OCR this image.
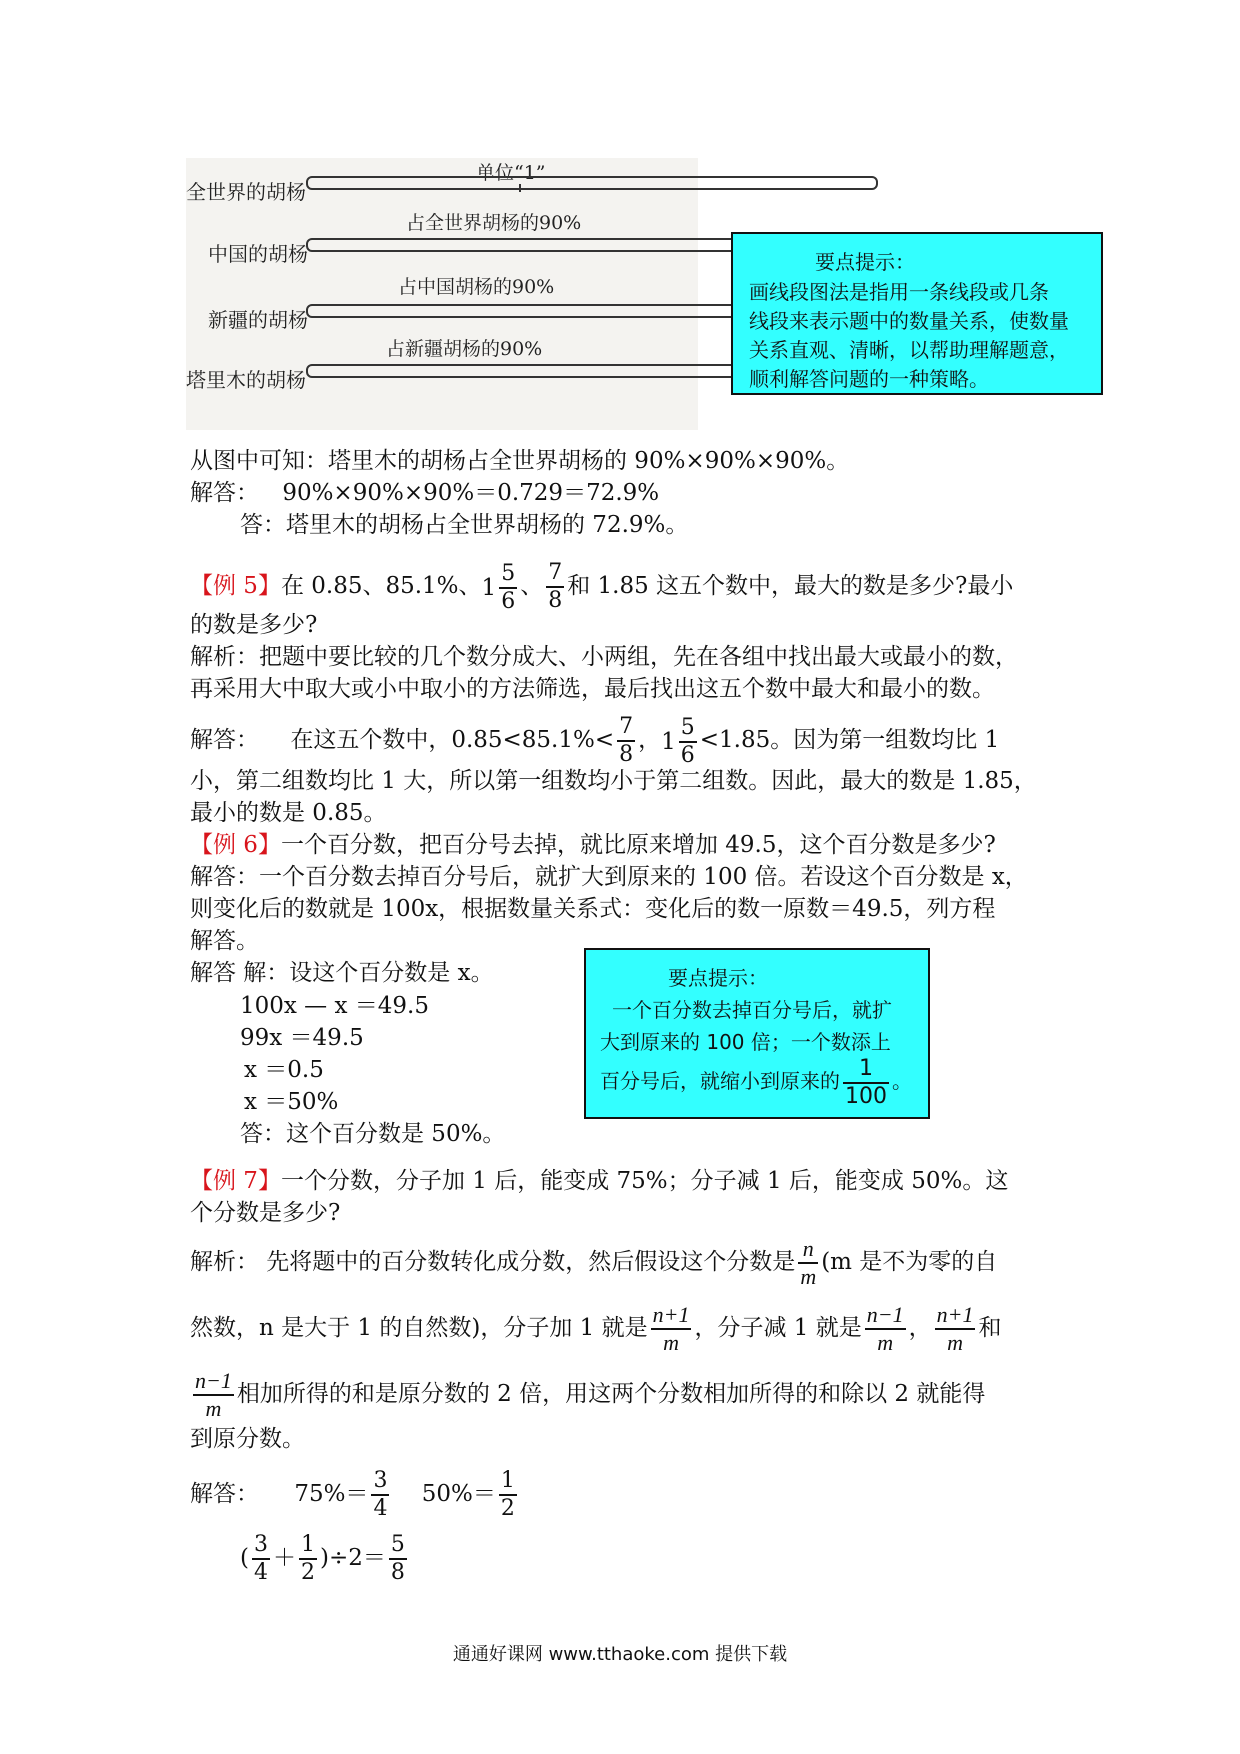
单位“1”
全世界的胡杨
占全世界胡杨的90%
中国的胡杨
占中国胡杨的90%
新疆的胡杨
占新疆胡杨的90%
塔里木的胡杨
要点提示：
画线段图法是指用一条线段或几条
线段来表示题中的数量关系，使数量
关系直观、清晰，以帮助理解题意，
顺利解答问题的一种策略。
从图中可知：塔里木的胡杨占全世界胡杨的 90%×90%×90%。
解答： 90%×90%×90%＝0.729＝72.9%
答：塔里木的胡杨占全世界胡杨的 72.9%。
【例 5】在 0.85、85.1%、$1 \frac{5}{6}$ 、 $\frac{7}{8}$ 和 1.85 这五个数中，最大的数是多少?最小
的数是多少?
解析：把题中要比较的几个数分成大、小两组，先在各组中找出最大或最小的数，
再采用大中取大或小中取小的方法筛选，最后找出这五个数中最大和最小的数。
解答： 在这五个数中，$0.85<85.1\%< \frac{7}{8}$ ，$1 \frac{5}{6} <1.85$。因为第一组数均比 1
小，第二组数均比 1 大，所以第一组数均小于第二组数。因此，最大的数是 1.85，
最小的数是 0.85。
【例 6】一个百分数，把百分号去掉，就比原来增加 49.5，这个百分数是多少?
解答：一个百分数去掉百分号后，就扩大到原来的 100 倍。若设这个百分数是 x，
则变化后的数就是 100x，根据数量关系式：变化后的数一原数＝49.5，列方程
解答。
解答 解：设这个百分数是 x。
100x — x ＝49.5
99x ＝49.5
x ＝0.5
x ＝50%
答：这个百分数是 50%。
要点提示：
一个百分数去掉百分号后，就扩
大到原来的 100 倍；一个数添上
百分号后，就缩小到原来的 $\frac{1}{100}$ 。
【例 7】一个分数，分子加 1 后，能变成 75%；分子减 1 后，能变成 50%。这
个分数是多少?
解析： 先将题中的百分数转化成分数，然后假设这个分数是 $\frac{n}{m} (m$ 是不为零的自
然数，n 是大于 1 的自然数)，分子加 1 就是 $\frac{n+1}{m}$ ，分子减 1 就是 $\frac{n-1}{m}$ ， $\frac{n+1}{m}$ 和
$\frac{n-1}{m}$ 相加所得的和是原分数的 2 倍，用这两个分数相加所得的和除以 2 就能得
到原分数。
解答： $75\%= \frac{3}{4} 50\%= \frac{1}{2}$
( $\frac{3}{4} + \frac{1}{2} )\div 2= \frac{5}{8}$
通通好课网 www.tthaoke.com 提供下载
